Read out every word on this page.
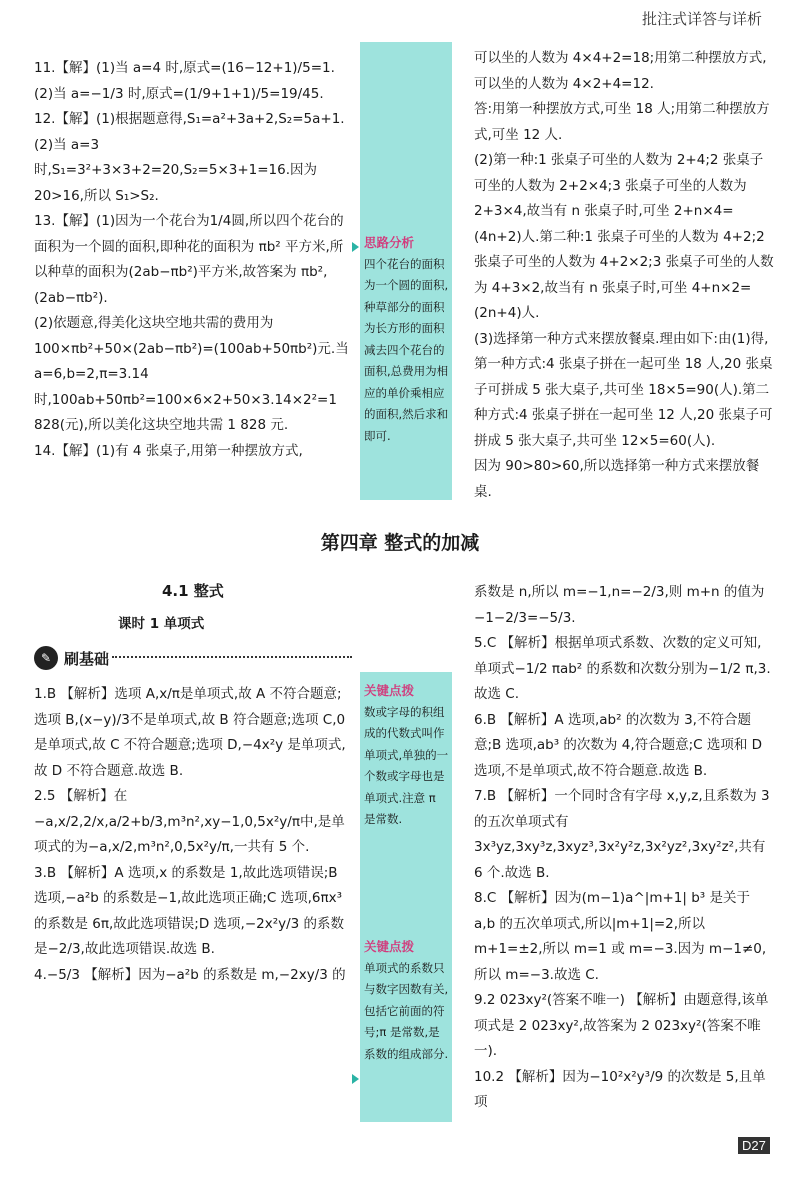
批注式详答与详析

11.【解】(1)当 a=4 时,原式=(16−12+1)/5=1.

(2)当 a=−1/3 时,原式=(1/9+1+1)/5=19/45.

12.【解】(1)根据题意得,S₁=a²+3a+2,S₂=5a+1.

(2)当 a=3 时,S₁=3²+3×3+2=20,S₂=5×3+1=16.因为 20>16,所以 S₁>S₂.

13.【解】(1)因为一个花台为1/4圆,所以四个花台的面积为一个圆的面积,即种花的面积为 πb² 平方米,所以种草的面积为(2ab−πb²)平方米,故答案为 πb²,(2ab−πb²).

(2)依题意,得美化这块空地共需的费用为100×πb²+50×(2ab−πb²)=(100ab+50πb²)元.当 a=6,b=2,π=3.14 时,100ab+50πb²=100×6×2+50×3.14×2²=1 828(元),所以美化这块空地共需 1 828 元.

14.【解】(1)有 4 张桌子,用第一种摆放方式,

可以坐的人数为 4×4+2=18;用第二种摆放方式,可以坐的人数为 4×2+4=12.

答:用第一种摆放方式,可坐 18 人;用第二种摆放方式,可坐 12 人.

(2)第一种:1 张桌子可坐的人数为 2+4;2 张桌子可坐的人数为 2+2×4;3 张桌子可坐的人数为 2+3×4,故当有 n 张桌子时,可坐 2+n×4=(4n+2)人.第二种:1 张桌子可坐的人数为 4+2;2 张桌子可坐的人数为 4+2×2;3 张桌子可坐的人数为 4+3×2,故当有 n 张桌子时,可坐 4+n×2=(2n+4)人.

(3)选择第一种方式来摆放餐桌.理由如下:由(1)得,第一种方式:4 张桌子拼在一起可坐 18 人,20 张桌子可拼成 5 张大桌子,共可坐 18×5=90(人).第二种方式:4 张桌子拼在一起可坐 12 人,20 张桌子可拼成 5 张大桌子,共可坐 12×5=60(人).

因为 90>80>60,所以选择第一种方式来摆放餐桌.

思路分析
四个花台的面积为一个圆的面积,种草部分的面积为长方形的面积减去四个花台的面积,总费用为相应的单价乘相应的面积,然后求和即可.
第四章 整式的加减
4.1 整式
课时 1 单项式
✎ 刷基础

1.B 【解析】选项 A,x/π是单项式,故 A 不符合题意;选项 B,(x−y)/3不是单项式,故 B 符合题意;选项 C,0 是单项式,故 C 不符合题意;选项 D,−4x²y 是单项式,故 D 不符合题意.故选 B.

2.5 【解析】在−a,x/2,2/x,a/2+b/3,m³n²,xy−1,0,5x²y/π中,是单项式的为−a,x/2,m³n²,0,5x²y/π,一共有 5 个.

3.B 【解析】A 选项,x 的系数是 1,故此选项错误;B 选项,−a²b 的系数是−1,故此选项正确;C 选项,6πx³ 的系数是 6π,故此选项错误;D 选项,−2x²y/3 的系数是−2/3,故此选项错误.故选 B.

4.−5/3 【解析】因为−a²b 的系数是 m,−2xy/3 的

系数是 n,所以 m=−1,n=−2/3,则 m+n 的值为−1−2/3=−5/3.

5.C 【解析】根据单项式系数、次数的定义可知,单项式−1/2 πab² 的系数和次数分别为−1/2 π,3.故选 C.

6.B 【解析】A 选项,ab² 的次数为 3,不符合题意;B 选项,ab³ 的次数为 4,符合题意;C 选项和 D 选项,不是单项式,故不符合题意.故选 B.

7.B 【解析】一个同时含有字母 x,y,z,且系数为 3 的五次单项式有 3x³yz,3xy³z,3xyz³,3x²y²z,3x²yz²,3xy²z²,共有 6 个.故选 B.

8.C 【解析】因为(m−1)a^|m+1| b³ 是关于 a,b 的五次单项式,所以|m+1|=2,所以 m+1=±2,所以 m=1 或 m=−3.因为 m−1≠0,所以 m=−3.故选 C.

9.2 023xy²(答案不唯一) 【解析】由题意得,该单项式是 2 023xy²,故答案为 2 023xy²(答案不唯一).

10.2 【解析】因为−10²x²y³/9 的次数是 5,且单项

关键点拨
数或字母的积组成的代数式叫作单项式,单独的一个数或字母也是单项式.注意 π 是常数.
关键点拨
单项式的系数只与数字因数有关,包括它前面的符号;π 是常数,是系数的组成部分.
D27
